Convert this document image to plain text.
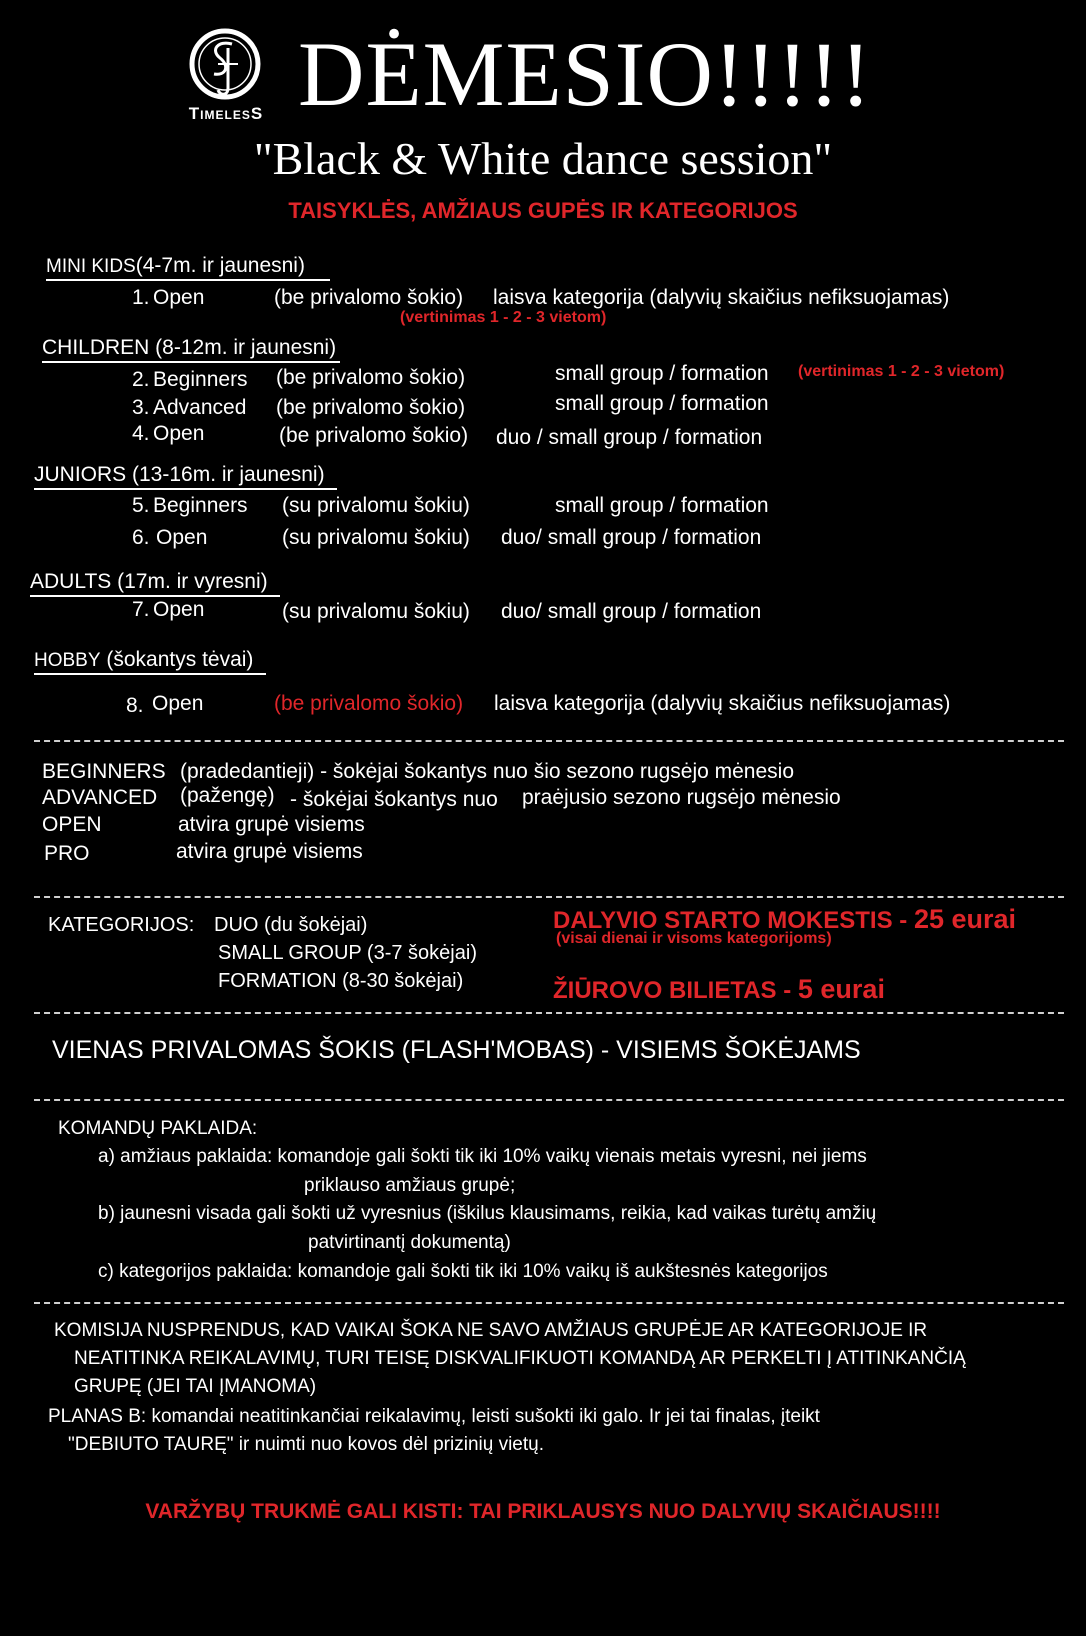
TimelesS DĖMESIO!!!!!
"Black & White dance session"
TAISYKLĖS, AMŽIAUS GUPĖS IR KATEGORIJOS
MINI KIDS(4-7m. ir jaunesni)
1. Open	(be privalomo šokio) laisva kategorija (dalyvių skaičius nefiksuojamas)
(vertinimas 1 - 2 - 3 vietom)
CHILDREN (8-12m. ir jaunesni)
2. Beginners (be privalomo šokio)	small group / formation (vertinimas 1 - 2 - 3 vietom)
3. Advanced (be privalomo šokio)	small group / formation
4. Open	(be privalomo šokio) duo / small group / formation
JUNIORS (13-16m. ir jaunesni)
5. Beginners (su privalomu šokiu)	small group / formation
6. Open	(su privalomu šokiu) duo/ small group / formation
ADULTS (17m. ir vyresni)
7. Open	(su privalomu šokiu) duo/ small group / formation
HOBBY (šokantys tėvai)
8. Open	(be privalomo šokio) laisva kategorija (dalyvių skaičius nefiksuojamas)
BEGINNERS (pradedantieji) - šokėjai šokantys nuo šio sezono rugsėjo mėnesio
ADVANCED (pažengę) - šokėjai šokantys nuo praėjusio sezono rugsėjo mėnesio
OPEN	atvira grupė visiems
PRO	atvira grupė visiems
KATEGORIJOS: DUO (du šokėjai)
SMALL GROUP (3-7 šokėjai)
FORMATION (8-30 šokėjai)
DALYVIO STARTO MOKESTIS - 25 eurai
(visai dienai ir visoms kategorijoms)
ŽIŪROVO BILIETAS - 5 eurai
VIENAS PRIVALOMAS ŠOKIS (FLASH'MOBAS) - VISIEMS ŠOKĖJAMS
KOMANDŲ PAKLAIDA:
a) amžiaus paklaida: komandoje gali šokti tik iki 10% vaikų vienais metais vyresni, nei jiems
priklauso amžiaus grupė;
b) jaunesni visada gali šokti už vyresnius (iškilus klausimams, reikia, kad vaikas turėtų amžių
patvirtinantį dokumentą)
c) kategorijos paklaida: komandoje gali šokti tik iki 10% vaikų iš aukštesnės kategorijos
KOMISIJA NUSPRENDUS, KAD VAIKAI ŠOKA NE SAVO AMŽIAUS GRUPĖJE AR KATEGORIJOJE IR
NEATITINKA REIKALAVIMŲ, TURI TEISĘ DISKVALIFIKUOTI KOMANDĄ AR PERKELTI Į ATITINKANČIĄ
GRUPĘ (JEI TAI ĮMANOMA)
PLANAS B: komandai neatitinkančiai reikalavimų, leisti sušokti iki galo. Ir jei tai finalas, įteikt
"DEBIUTO TAURĘ" ir nuimti nuo kovos dėl prizinių vietų.
VARŽYBŲ TRUKMĖ GALI KISTI: TAI PRIKLAUSYS NUO DALYVIŲ SKAIČIAUS!!!!
